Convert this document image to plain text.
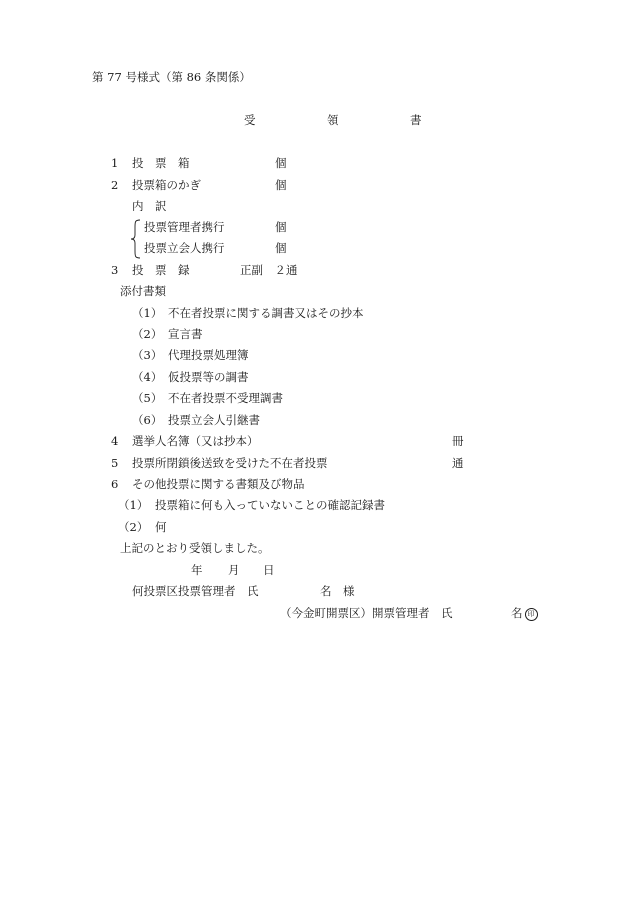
第 77 号様式（第 86 条関係）
受	領	書
1 投　票　箱	個
2 投票箱のかぎ	個
内　訳
投票管理者携行	個
投票立会人携行	個
3 投　票　録	正副　２通
添付書類
（1） 不在者投票に関する調書又はその抄本
（2） 宣言書
（3） 代理投票処理簿
（4） 仮投票等の調書
（5） 不在者投票不受理調書
（6） 投票立会人引継書
4 選挙人名簿（又は抄本）	冊
5 投票所閉鎖後送致を受けた不在者投票	通
6 その他投票に関する書類及び物品
（1） 投票箱に何も入っていないことの確認記録書
（2） 何
上記のとおり受領しました。
年 月 日
何投票区投票管理者　氏	名　様
（今金町開票区）開票管理者　氏	名 印
